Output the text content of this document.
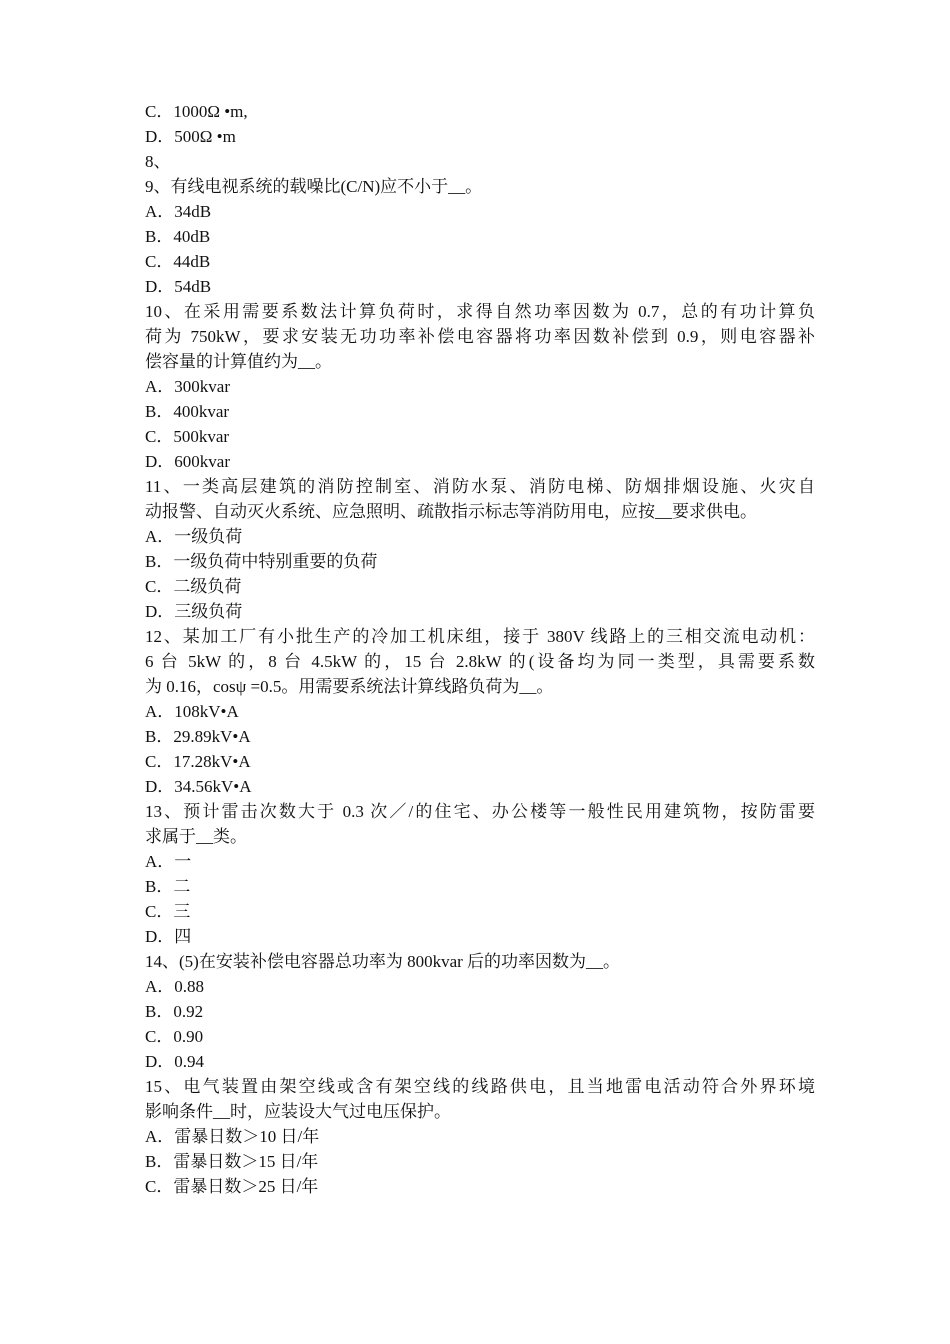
C．1000Ω •m,
D．500Ω •m
8、
9、有线电视系统的载噪比(C/N)应不小于__。
A．34dB
B．40dB
C．44dB
D．54dB
10、在采用需要系数法计算负荷时，求得自然功率因数为 0.7，总的有功计算负
荷为 750kW，要求安装无功功率补偿电容器将功率因数补偿到 0.9，则电容器补
偿容量的计算值约为__。
A．300kvar
B．400kvar
C．500kvar
D．600kvar
11、一类高层建筑的消防控制室、消防水泵、消防电梯、防烟排烟设施、火灾自
动报警、自动灭火系统、应急照明、疏散指示标志等消防用电，应按__要求供电。
A．一级负荷
B．一级负荷中特别重要的负荷
C．二级负荷
D．三级负荷
12、某加工厂有小批生产的冷加工机床组，接于 380V 线路上的三相交流电动机：
6 台 5kW 的，8 台 4.5kW 的，15 台 2.8kW 的(设备均为同一类型，具需要系数
为 0.16，cosψ =0.5。用需要系统法计算线路负荷为__。
A．108kV•A
B．29.89kV•A
C．17.28kV•A
D．34.56kV•A
13、预计雷击次数大于 0.3 次／/的住宅、办公楼等一般性民用建筑物，按防雷要
求属于__类。
A．一
B．二
C．三
D．四
14、(5)在安装补偿电容器总功率为 800kvar 后的功率因数为__。
A．0.88
B．0.92
C．0.90
D．0.94
15、电气装置由架空线或含有架空线的线路供电，且当地雷电活动符合外界环境
影响条件__时，应装设大气过电压保护。
A．雷暴日数＞10 日/年
B．雷暴日数＞15 日/年
C．雷暴日数＞25 日/年
